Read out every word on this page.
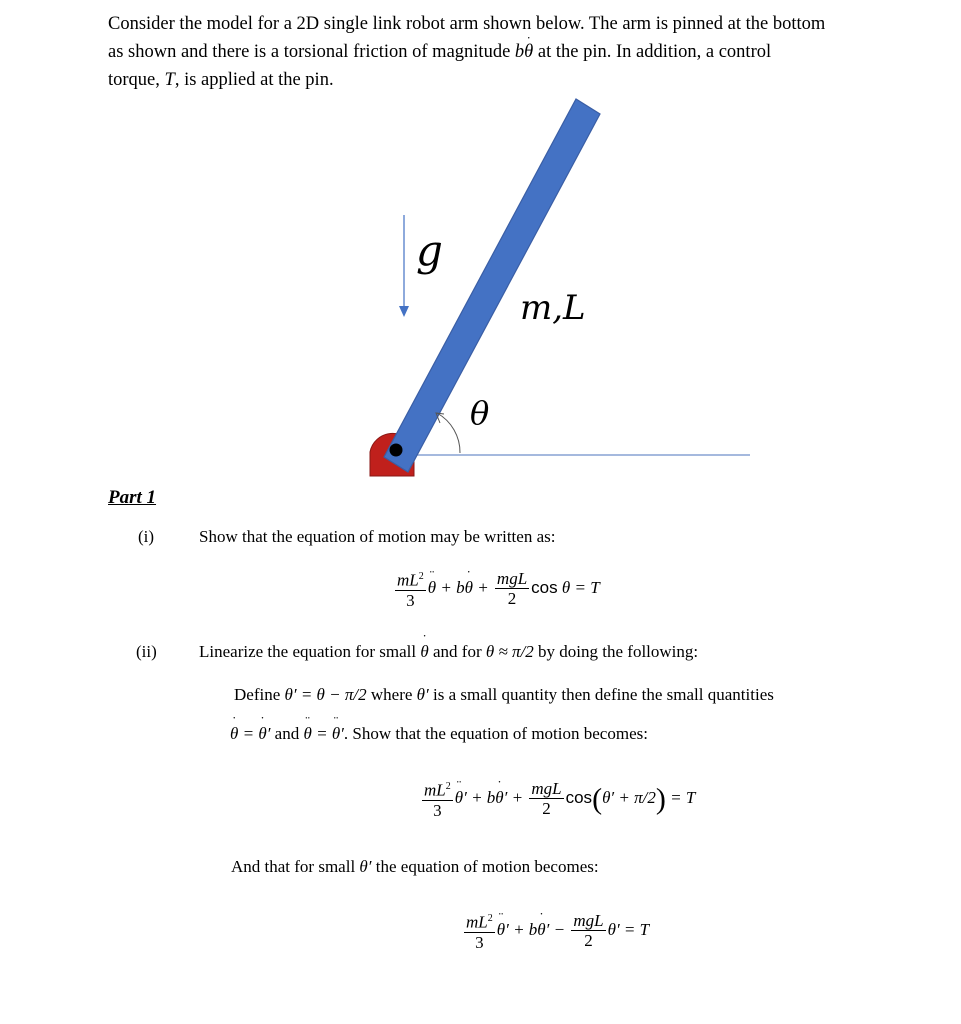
Consider the model for a 2D single link robot arm shown below. The arm is pinned at the bottom
as shown and there is a torsional friction of magnitude bθ ˙ at the pin. In addition, a control
torque, T, is applied at the pin.
g
m,L
θ
Part 1
(i)	Show that the equation of motion may be written as:
$\frac{mL^2}{3}$ θ ¨ + bθ ˙ + $\frac{\text{mgL}}{2}$ cos θ = T
(ii) Linearize the equation for small θ ˙ and for θ ≈ π/2 by doing the following:
Define θ′ = θ − π/2 where θ′ is a small quantity then define the small quantities
θ ˙ = θ ˙′ and θ ¨ = θ ¨′. Show that the equation of motion becomes:
$\frac{mL^2}{3}$ θ ¨′ + bθ ˙′ + $\frac{\text{mgL}}{2} \cos(\theta' + \pi/2) = T$
And that for small θ′ the equation of motion becomes:
$\frac{mL^2}{3}$ θ ¨′ + bθ ˙′ − $\frac{\text{mgL}}{2} \theta' = T$
